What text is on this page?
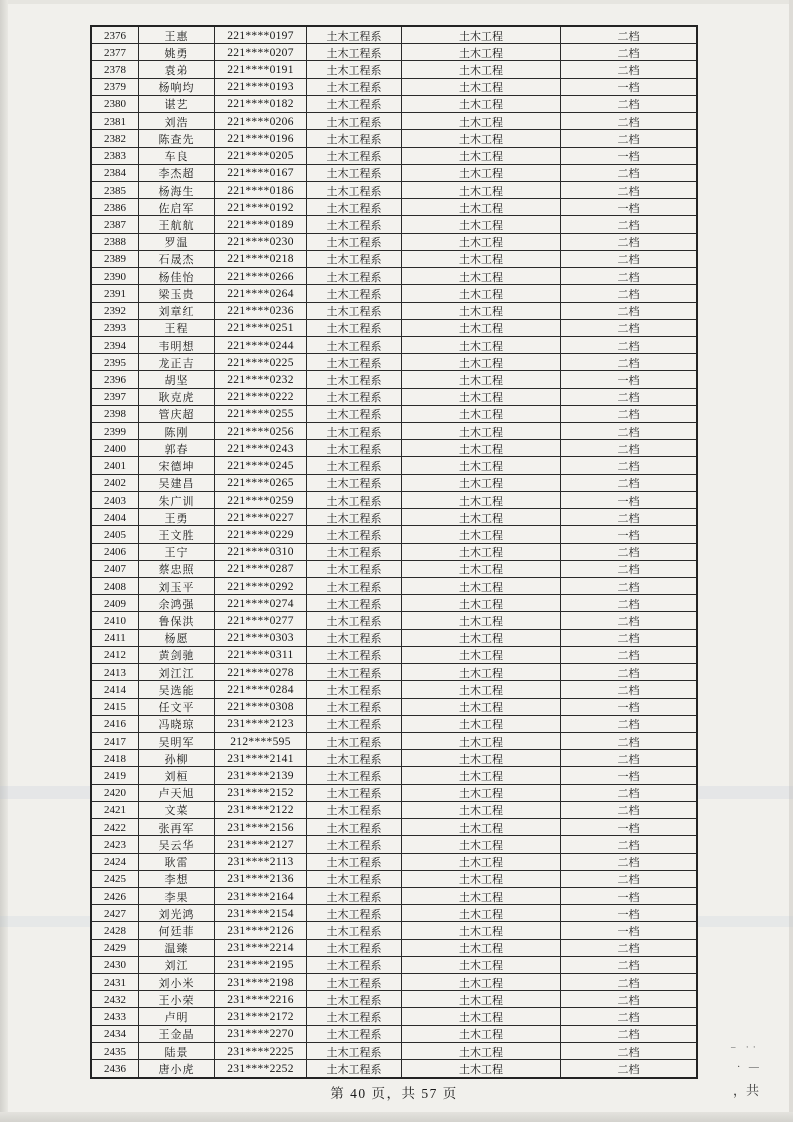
2376	王惠	221****0197	土木工程系	土木工程	二档
2377	姚勇	221****0207	土木工程系	土木工程	二档
2378	袁弟	221****0191	土木工程系	土木工程	二档
2379	杨响均	221****0193	土木工程系	土木工程	一档
2380	谌艺	221****0182	土木工程系	土木工程	二档
2381	刘浩	221****0206	土木工程系	土木工程	二档
2382	陈查先	221****0196	土木工程系	土木工程	二档
2383	车良	221****0205	土木工程系	土木工程	一档
2384	李杰超	221****0167	土木工程系	土木工程	二档
2385	杨海生	221****0186	土木工程系	土木工程	二档
2386	佐启军	221****0192	土木工程系	土木工程	一档
2387	王航航	221****0189	土木工程系	土木工程	二档
2388	罗温	221****0230	土木工程系	土木工程	二档
2389	石晟杰	221****0218	土木工程系	土木工程	二档
2390	杨佳怡	221****0266	土木工程系	土木工程	二档
2391	梁玉贵	221****0264	土木工程系	土木工程	二档
2392	刘章红	221****0236	土木工程系	土木工程	二档
2393	王程	221****0251	土木工程系	土木工程	二档
2394	韦明想	221****0244	土木工程系	土木工程	二档
2395	龙正吉	221****0225	土木工程系	土木工程	二档
2396	胡坚	221****0232	土木工程系	土木工程	一档
2397	耿克虎	221****0222	土木工程系	土木工程	二档
2398	管庆超	221****0255	土木工程系	土木工程	二档
2399	陈刚	221****0256	土木工程系	土木工程	二档
2400	郭春	221****0243	土木工程系	土木工程	二档
2401	宋德坤	221****0245	土木工程系	土木工程	二档
2402	吴建昌	221****0265	土木工程系	土木工程	二档
2403	朱广训	221****0259	土木工程系	土木工程	一档
2404	王勇	221****0227	土木工程系	土木工程	二档
2405	王文胜	221****0229	土木工程系	土木工程	一档
2406	王宁	221****0310	土木工程系	土木工程	二档
2407	蔡忠照	221****0287	土木工程系	土木工程	二档
2408	刘玉平	221****0292	土木工程系	土木工程	二档
2409	余鸿强	221****0274	土木工程系	土木工程	二档
2410	鲁保洪	221****0277	土木工程系	土木工程	二档
2411	杨愿	221****0303	土木工程系	土木工程	二档
2412	黄剑驰	221****0311	土木工程系	土木工程	二档
2413	刘江江	221****0278	土木工程系	土木工程	二档
2414	吴选能	221****0284	土木工程系	土木工程	二档
2415	任文平	221****0308	土木工程系	土木工程	一档
2416	冯晓琼	231****2123	土木工程系	土木工程	二档
2417	吴明军	212****595	土木工程系	土木工程	二档
2418	孙柳	231****2141	土木工程系	土木工程	二档
2419	刘桓	231****2139	土木工程系	土木工程	一档
2420	卢天旭	231****2152	土木工程系	土木工程	二档
2421	文菜	231****2122	土木工程系	土木工程	二档
2422	张再军	231****2156	土木工程系	土木工程	一档
2423	吴云华	231****2127	土木工程系	土木工程	二档
2424	耿雷	231****2113	土木工程系	土木工程	二档
2425	李想	231****2136	土木工程系	土木工程	二档
2426	李果	231****2164	土木工程系	土木工程	一档
2427	刘光鸿	231****2154	土木工程系	土木工程	一档
2428	何廷菲	231****2126	土木工程系	土木工程	一档
2429	温臻	231****2214	土木工程系	土木工程	二档
2430	刘江	231****2195	土木工程系	土木工程	二档
2431	刘小米	231****2198	土木工程系	土木工程	二档
2432	王小荣	231****2216	土木工程系	土木工程	二档
2433	卢明	231****2172	土木工程系	土木工程	二档
2434	王金晶	231****2270	土木工程系	土木工程	二档
2435	陆景	231****2225	土木工程系	土木工程	二档
2436	唐小虎	231****2252	土木工程系	土木工程	二档
第 40 页，共 57 页
– ··
· —
，共
